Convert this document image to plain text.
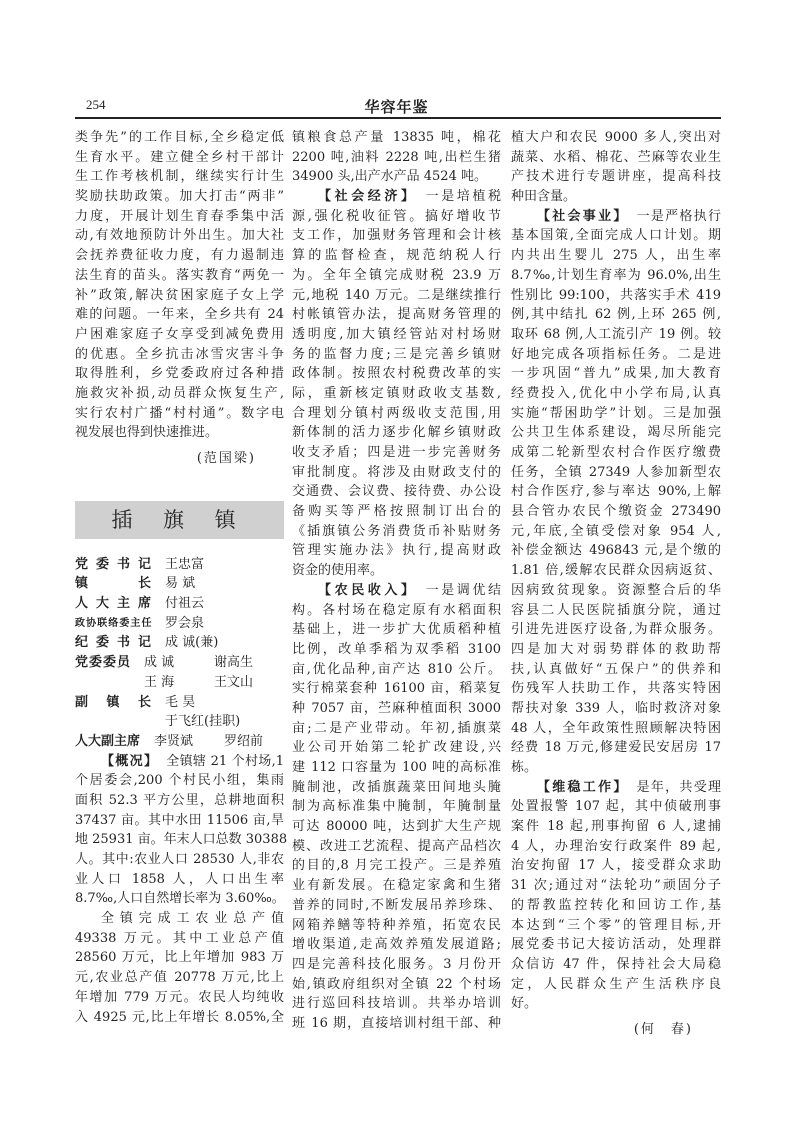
254	华容年鉴
类争先”的工作目标,全乡稳定低
生育水平。建立健全乡村干部计
生工作考核机制，继续实行计生
奖励扶助政策。加大打击“两非”
力度，开展计划生育春季集中活
动,有效地预防计外出生。加大社
会抚养费征收力度，有力遏制违
法生育的苗头。落实教育“两免一
补”政策,解决贫困家庭子女上学
难的问题。一年来，全乡共有 24
户困难家庭子女享受到减免费用
的优惠。全乡抗击冰雪灾害斗争
取得胜利，乡党委政府过各种措
施救灾补损,动员群众恢复生产,
实行农村广播“村村通”。数字电
视发展也得到快速推进。
(范国梁)
插 旗 镇
党委书记	王忠富
镇长	易 斌
人大主席	付祖云
政协联络委主任	罗会泉
纪委书记	成 诚(兼)
党委委员	成 诚	谢高生
王 海	王文山
副镇长	毛 昊
于飞红(挂职)
人大副主席	李贤斌 罗绍前
【概况】 全镇辖 21 个村场,1
个居委会,200 个村民小组，集雨
面积 52.3 平方公里，总耕地面积
37437 亩。其中水田 11506 亩,旱
地 25931 亩。年末人口总数 30388
人。其中:农业人口 28530 人,非农
业人口 1858 人，人口出生率
8.7‰,人口自然增长率为 3.60‰。
全镇完成工农业总产值
49338 万元。其中工业总产值
28560 万元，比上年增加 983 万
元,农业总产值 20778 万元,比上
年增加 779 万元。农民人均纯收
入 4925 元,比上年增长 8.05%,全
镇粮食总产量 13835 吨，棉花
2200 吨,油料 2228 吨,出栏生猪
34900 头,出产水产品 4524 吨。
【社会经济】 一是培植税
源,强化税收征管。搞好增收节
支工作，加强财务管理和会计核
算的监督检查，规范纳税人行
为。全年全镇完成财税 23.9 万
元,地税 140 万元。二是继续推行
村帐镇管办法，提高财务管理的
透明度,加大镇经管站对村场财
务的监督力度;三是完善乡镇财
政体制。按照农村税费改革的实
际，重新核定镇财政收支基数,
合理划分镇村两级收支范围,用
新体制的活力逐步化解乡镇财政
收支矛盾；四是进一步完善财务
审批制度。将涉及由财政支付的
交通费、会议费、接待费、办公设
备购买等严格按照制订出台的
《插旗镇公务消费货币补贴财务
管理实施办法》执行,提高财政
资金的使用率。
【农民收入】 一是调优结
构。各村场在稳定原有水稻面积
基础上，进一步扩大优质稻种植
比例，改单季稻为双季稻 3100
亩,优化品种,亩产达 810 公斤。
实行棉菜套种 16100 亩，稻菜复
种 7057 亩，苎麻种植面积 3000
亩;二是产业带动。年初,插旗菜
业公司开始第二轮扩改建设,兴
建 112 口容量为 100 吨的高标准
腌制池，改插旗蔬菜田间地头腌
制为高标准集中腌制，年腌制量
可达 80000 吨，达到扩大生产规
模、改进工艺流程、提高产品档次
的目的,8 月完工投产。三是养殖
业有新发展。在稳定家禽和生猪
普养的同时,不断发展吊养珍珠、
网箱养鳝等特种养殖，拓宽农民
增收渠道,走高效养殖发展道路;
四是完善科技化服务。3 月份开
始,镇政府组织对全镇 22 个村场
进行巡回科技培训。共举办培训
班 16 期，直接培训村组干部、种
植大户和农民 9000 多人,突出对
蔬菜、水稻、棉花、苎麻等农业生
产技术进行专题讲座，提高科技
种田含量。
【社会事业】 一是严格执行
基本国策,全面完成人口计划。期
内共出生婴儿 275 人，出生率
8.7‰,计划生育率为 96.0%,出生
性别比 99:100，共落实手术 419
例,其中结扎 62 例,上环 265 例,
取环 68 例,人工流引产 19 例。较
好地完成各项指标任务。二是进
一步巩固“普九”成果,加大教育
经费投入,优化中小学布局,认真
实施“帮困助学”计划。三是加强
公共卫生体系建设，竭尽所能完
成第二轮新型农村合作医疗缴费
任务，全镇 27349 人参加新型农
村合作医疗,参与率达 90%,上解
县合管办农民个缴资金 273490
元,年底,全镇受偿对象 954 人,
补偿金额达 496843 元,是个缴的
1.81 倍,缓解农民群众因病返贫、
因病致贫现象。资源整合后的华
容县二人民医院插旗分院，通过
引进先进医疗设备,为群众服务。
四是加大对弱势群体的救助帮
扶,认真做好“五保户”的供养和
伤残军人扶助工作，共落实特困
帮扶对象 339 人，临时救济对象
48 人，全年政策性照顾解决特困
经费 18 万元,修建爱民安居房 17
栋。
【维稳工作】 是年，共受理
处置报警 107 起，其中侦破刑事
案件 18 起,刑事拘留 6 人,逮捕
4 人，办理治安行政案件 89 起,
治安拘留 17 人，接受群众求助
31 次;通过对“法轮功”顽固分子
的帮教监控转化和回访工作,基
本达到“三个零”的管理目标,开
展党委书记大接访活动，处理群
众信访 47 件，保持社会大局稳
定，人民群众生产生活秩序良
好。
(何　春)
